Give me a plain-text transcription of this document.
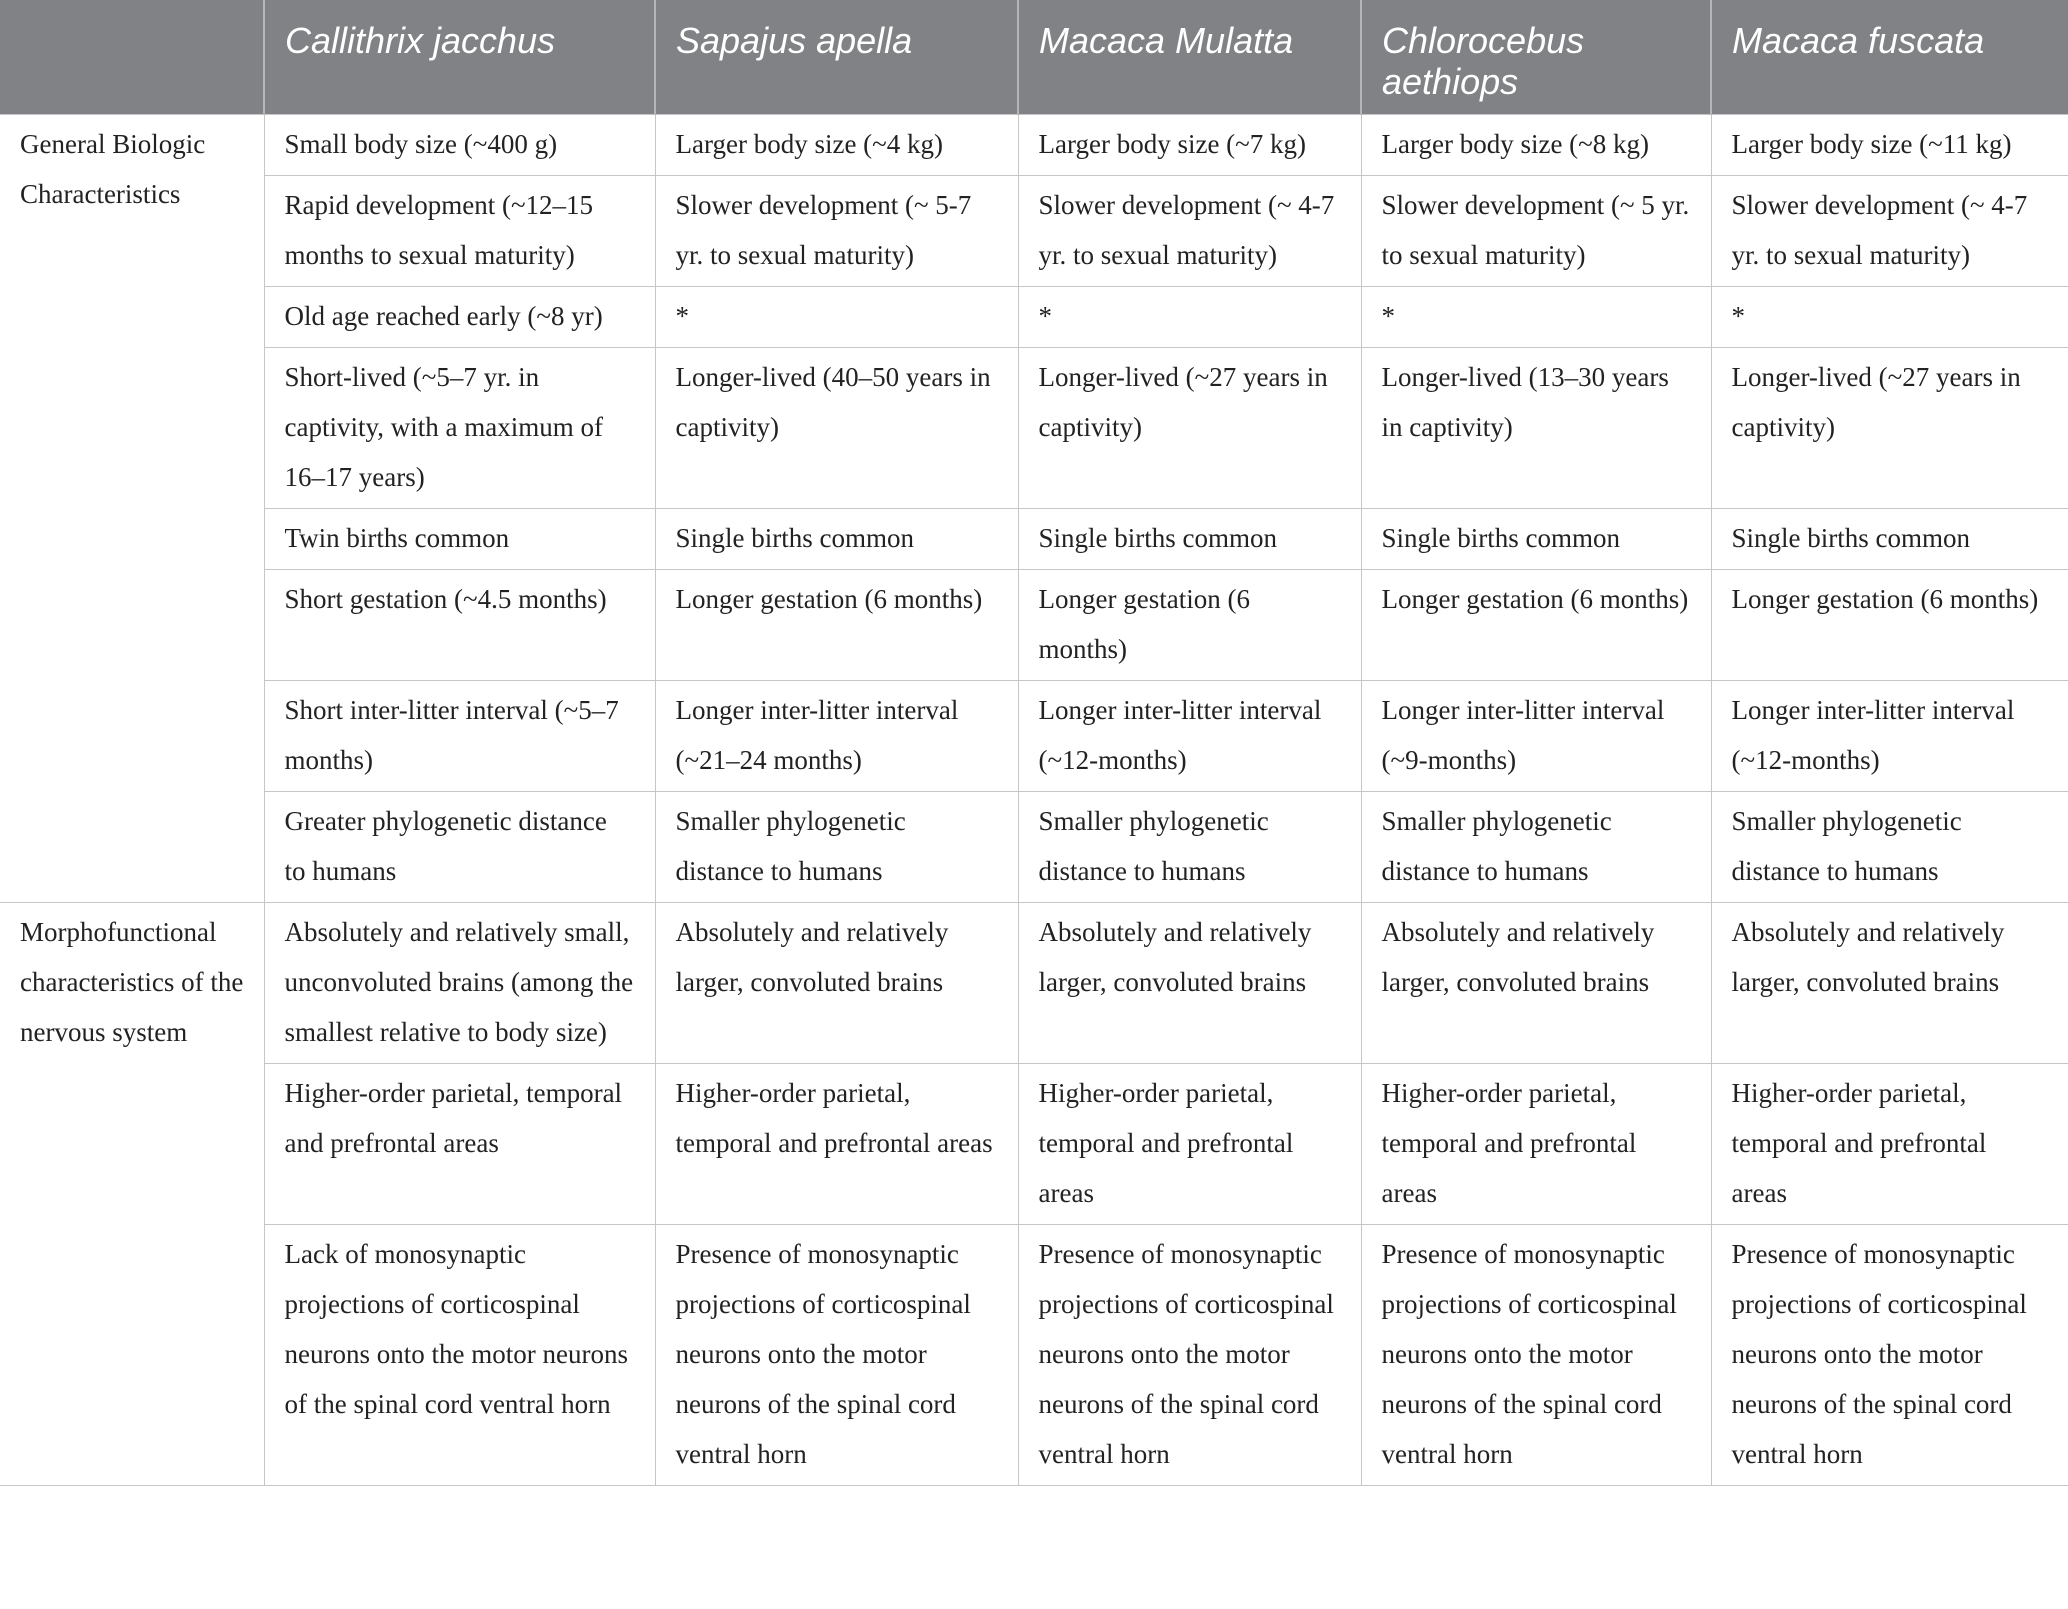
	Callithrix jacchus	Sapajus apella	Macaca Mulatta	Chlorocebus aethiops	Macaca fuscata
General Biologic Characteristics	Small body size (~400 g)	Larger body size (~4 kg)	Larger body size (~7 kg)	Larger body size (~8 kg)	Larger body size (~11 kg)
	Rapid development (~12–15 months to sexual maturity)	Slower development (~ 5-7 yr. to sexual maturity)	Slower development (~ 4-7 yr. to sexual maturity)	Slower development (~ 5 yr. to sexual maturity)	Slower development (~ 4-7 yr. to sexual maturity)
	Old age reached early (~8 yr)	*	*	*	*
	Short-lived (~5–7 yr. in captivity, with a maximum of 16–17 years)	Longer-lived (40–50 years in captivity)	Longer-lived (~27 years in captivity)	Longer-lived (13–30 years in captivity)	Longer-lived (~27 years in captivity)
	Twin births common	Single births common	Single births common	Single births common	Single births common
	Short gestation (~4.5 months)	Longer gestation (6 months)	Longer gestation (6 months)	Longer gestation (6 months)	Longer gestation (6 months)
	Short inter-litter interval (~5–7 months)	Longer inter-litter interval (~21–24 months)	Longer inter-litter interval (~12-months)	Longer inter-litter interval (~9-months)	Longer inter-litter interval (~12-months)
	Greater phylogenetic distance to humans	Smaller phylogenetic distance to humans	Smaller phylogenetic distance to humans	Smaller phylogenetic distance to humans	Smaller phylogenetic distance to humans
Morphofunctional characteristics of the nervous system	Absolutely and relatively small, unconvoluted brains (among the smallest relative to body size)	Absolutely and relatively larger, convoluted brains	Absolutely and relatively larger, convoluted brains	Absolutely and relatively larger, convoluted brains	Absolutely and relatively larger, convoluted brains
	Higher-order parietal, temporal and prefrontal areas	Higher-order parietal, temporal and prefrontal areas	Higher-order parietal, temporal and prefrontal areas	Higher-order parietal, temporal and prefrontal areas	Higher-order parietal, temporal and prefrontal areas
	Lack of monosynaptic projections of corticospinal neurons onto the motor neurons of the spinal cord ventral horn	Presence of monosynaptic projections of corticospinal neurons onto the motor neurons of the spinal cord ventral horn	Presence of monosynaptic projections of corticospinal neurons onto the motor neurons of the spinal cord ventral horn	Presence of monosynaptic projections of corticospinal neurons onto the motor neurons of the spinal cord ventral horn	Presence of monosynaptic projections of corticospinal neurons onto the motor neurons of the spinal cord ventral horn
